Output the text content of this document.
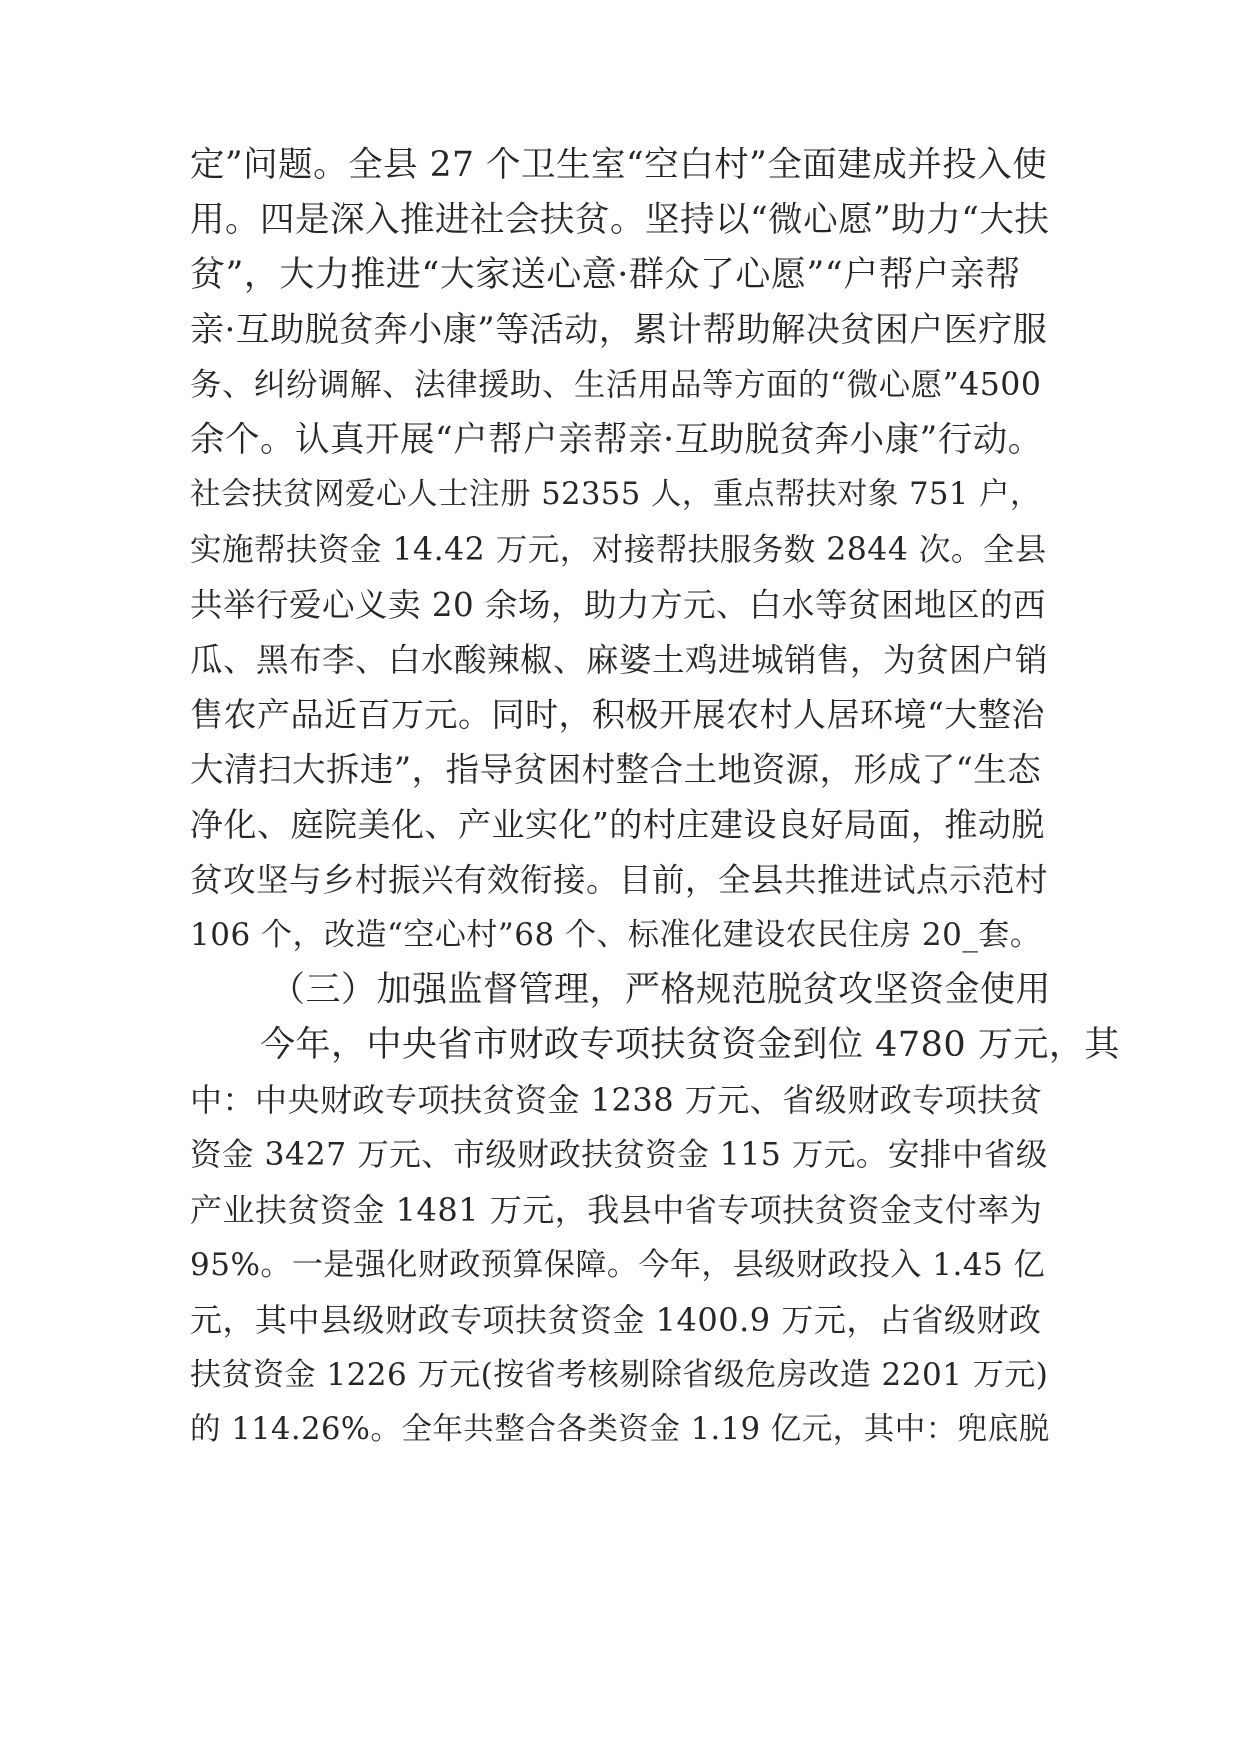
定”问题。全县 27 个卫生室“空白村”全面建成并投入使
用。四是深入推进社会扶贫。坚持以“微心愿”助力“大扶
贫”，大力推进“大家送心意·群众了心愿”“户帮户亲帮
亲·互助脱贫奔小康”等活动，累计帮助解决贫困户医疗服
务、纠纷调解、法律援助、生活用品等方面的“微心愿”4500
余个。认真开展“户帮户亲帮亲·互助脱贫奔小康”行动。
社会扶贫网爱心人士注册 52355 人，重点帮扶对象 751 户，
实施帮扶资金 14.42 万元，对接帮扶服务数 2844 次。全县
共举行爱心义卖 20 余场，助力方元、白水等贫困地区的西
瓜、黑布李、白水酸辣椒、麻婆土鸡进城销售，为贫困户销
售农产品近百万元。同时，积极开展农村人居环境“大整治
大清扫大拆违”，指导贫困村整合土地资源，形成了“生态
净化、庭院美化、产业实化”的村庄建设良好局面，推动脱
贫攻坚与乡村振兴有效衔接。目前，全县共推进试点示范村
106 个，改造“空心村”68 个、标准化建设农民住房 20_套。
（三）加强监督管理，严格规范脱贫攻坚资金使用
今年，中央省市财政专项扶贫资金到位 4780 万元，其
中：中央财政专项扶贫资金 1238 万元、省级财政专项扶贫
资金 3427 万元、市级财政扶贫资金 115 万元。安排中省级
产业扶贫资金 1481 万元，我县中省专项扶贫资金支付率为
95%。一是强化财政预算保障。今年，县级财政投入 1.45 亿
元，其中县级财政专项扶贫资金 1400.9 万元，占省级财政
扶贫资金 1226 万元(按省考核剔除省级危房改造 2201 万元)
的 114.26%。全年共整合各类资金 1.19 亿元，其中：兜底脱
